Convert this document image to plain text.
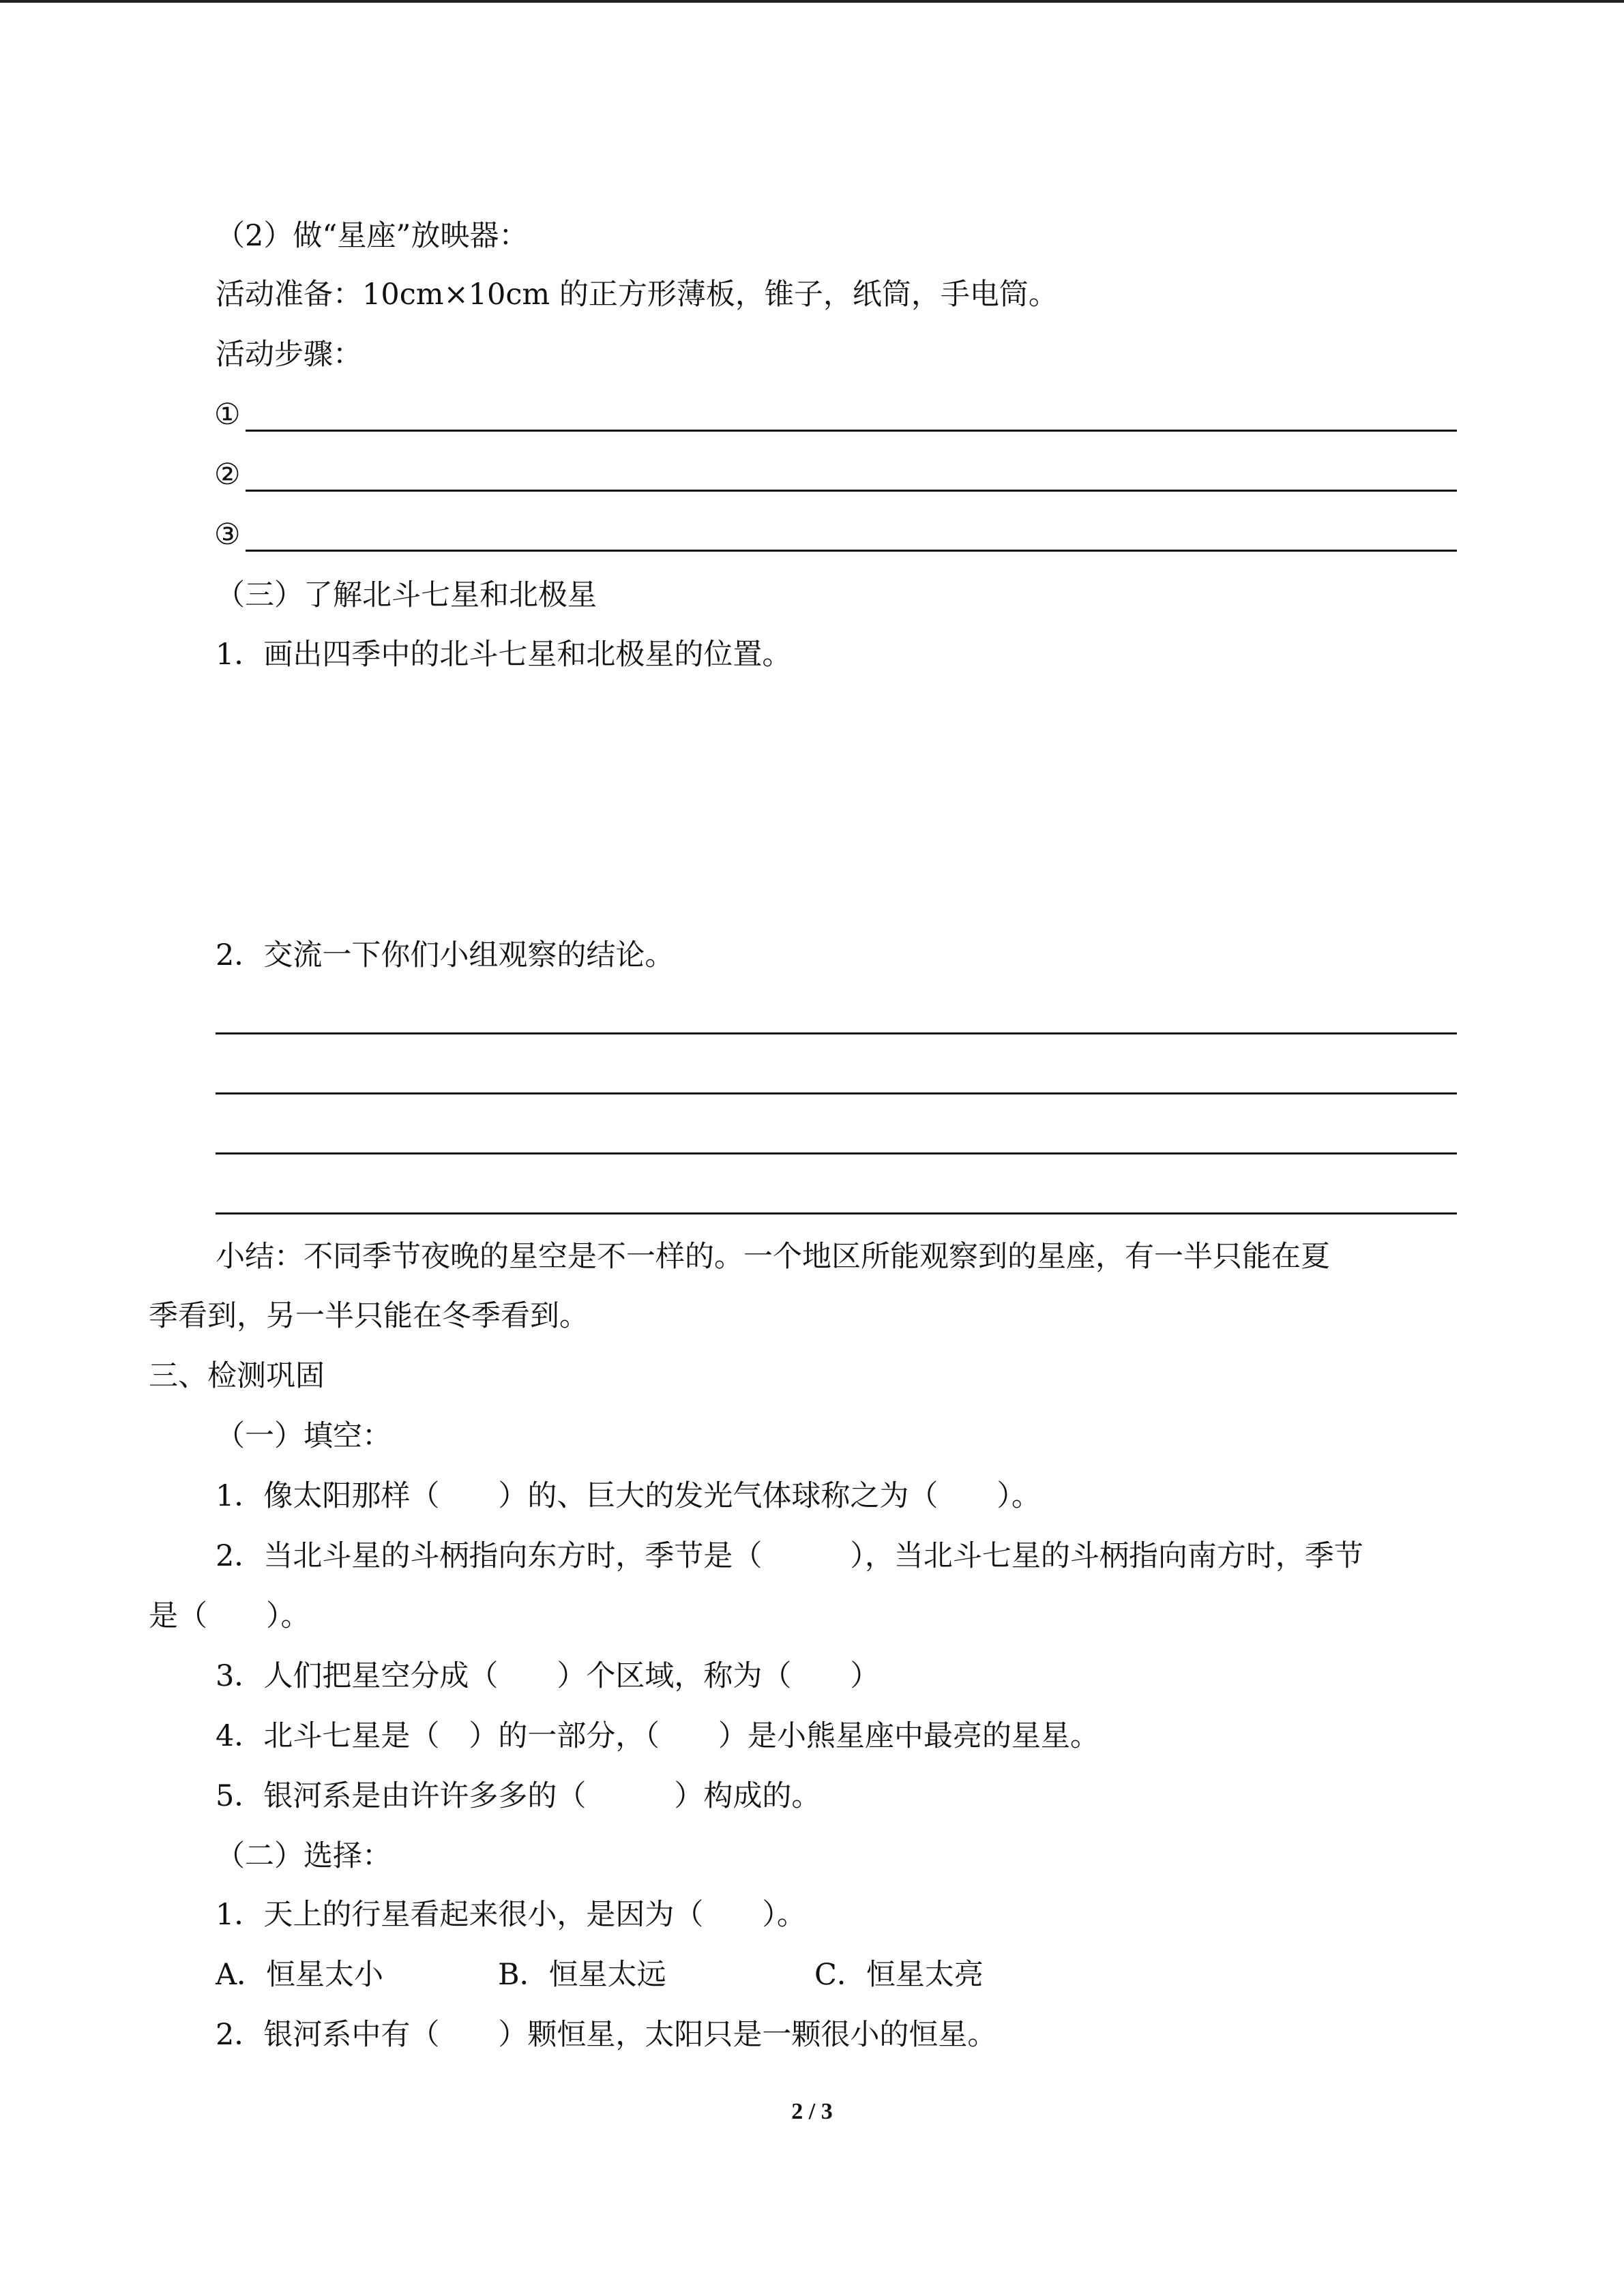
（2）做“星座”放映器：
活动准备：10cm×10cm 的正方形薄板，锥子，纸筒，手电筒。
活动步骤：
①
②
③
（三）了解北斗七星和北极星
1．画出四季中的北斗七星和北极星的位置。
2．交流一下你们小组观察的结论。
小结：不同季节夜晚的星空是不一样的。一个地区所能观察到的星座，有一半只能在夏
季看到，另一半只能在冬季看到。
三、检测巩固
（一）填空：
1．像太阳那样（　　）的、巨大的发光气体球称之为（　　）。
2．当北斗星的斗柄指向东方时，季节是（　　　），当北斗七星的斗柄指向南方时，季节
是（　　）。
3．人们把星空分成（　　）个区域，称为（　　）
4．北斗七星是（　）的一部分，（　　）是小熊星座中最亮的星星。
5．银河系是由许许多多的（　　　）构成的。
（二）选择：
1．天上的行星看起来很小，是因为（　　）。
A．恒星太小	B．恒星太远	C．恒星太亮
2．银河系中有（　　）颗恒星，太阳只是一颗很小的恒星。
2 / 3
